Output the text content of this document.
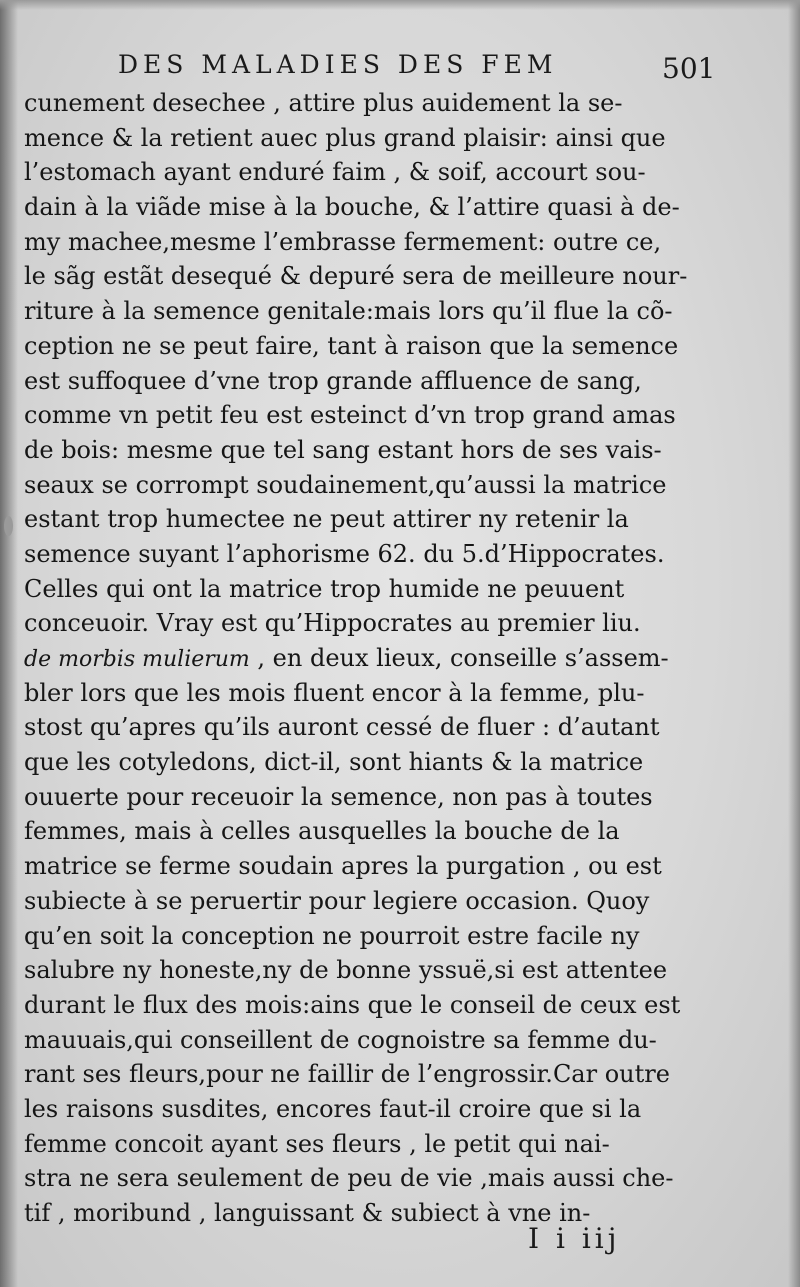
DES MALADIES DES FEM	501
cunement desechee , attire plus auidement la se-
mence & la retient auec plus grand plaisir: ainsi que
l’estomach ayant enduré faim , & soif, accourt sou-
dain à la viãde mise à la bouche, & l’attire quasi à de-
my machee,mesme l’embrasse fermement: outre ce,
le sãg estãt desequé & depuré sera de meilleure nour-
riture à la semence genitale:mais lors qu’il flue la cõ-
ception ne se peut faire, tant à raison que la semence
est suffoquee d’vne trop grande affluence de sang,
comme vn petit feu est esteinct d’vn trop grand amas
de bois: mesme que tel sang estant hors de ses vais-
seaux se corrompt soudainement,qu’aussi la matrice
estant trop humectee ne peut attirer ny retenir la
semence suyant l’aphorisme 62. du 5.d’Hippocrates.
Celles qui ont la matrice trop humide ne peuuent
conceuoir. Vray est qu’Hippocrates au premier liu.
de morbis mulierum , en deux lieux, conseille s’assem-
bler lors que les mois fluent encor à la femme, plu-
stost qu’apres qu’ils auront cessé de fluer : d’autant
que les cotyledons, dict-il, sont hiants & la matrice
ouuerte pour receuoir la semence, non pas à toutes
femmes, mais à celles ausquelles la bouche de la
matrice se ferme soudain apres la purgation , ou est
subiecte à se peruertir pour legiere occasion. Quoy
qu’en soit la conception ne pourroit estre facile ny
salubre ny honeste,ny de bonne yssuë,si est attentee
durant le flux des mois:ains que le conseil de ceux est
mauuais,qui conseillent de cognoistre sa femme du-
rant ses fleurs,pour ne faillir de l’engrossir.Car outre
les raisons susdites, encores faut-il croire que si la
femme concoit ayant ses fleurs , le petit qui nai-
stra ne sera seulement de peu de vie ,mais aussi che-
tif , moribund , languissant & subiect à vne in-
I i iij
